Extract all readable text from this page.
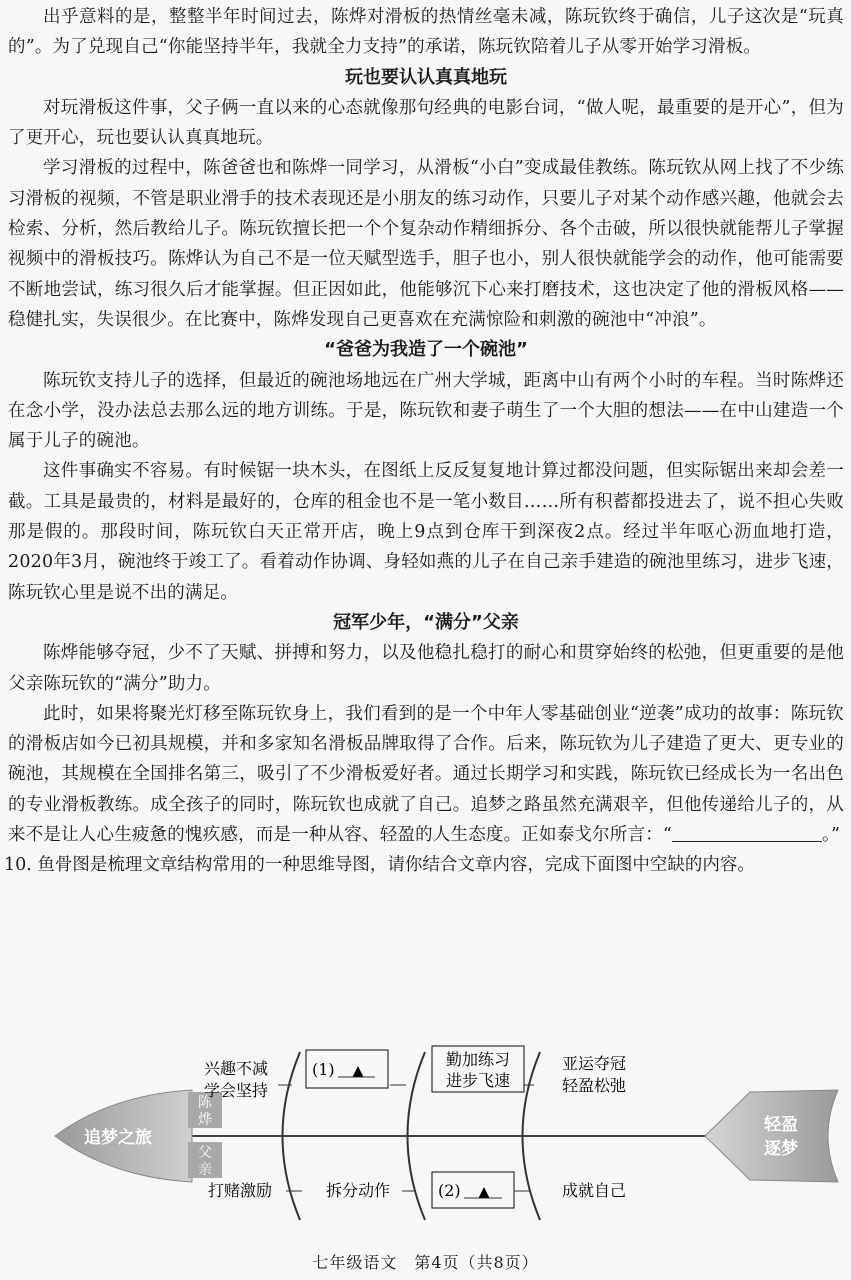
出乎意料的是，整整半年时间过去，陈烨对滑板的热情丝毫未减，陈玩钦终于确信，儿子这次是“玩真的”。为了兑现自己“你能坚持半年，我就全力支持”的承诺，陈玩钦陪着儿子从零开始学习滑板。

玩也要认认真真地玩

对玩滑板这件事，父子俩一直以来的心态就像那句经典的电影台词，“做人呢，最重要的是开心”，但为了更开心，玩也要认认真真地玩。

学习滑板的过程中，陈爸爸也和陈烨一同学习，从滑板“小白”变成最佳教练。陈玩钦从网上找了不少练习滑板的视频，不管是职业滑手的技术表现还是小朋友的练习动作，只要儿子对某个动作感兴趣，他就会去检索、分析，然后教给儿子。陈玩钦擅长把一个个复杂动作精细拆分、各个击破，所以很快就能帮儿子掌握视频中的滑板技巧。陈烨认为自己不是一位天赋型选手，胆子也小，别人很快就能学会的动作，他可能需要不断地尝试，练习很久后才能掌握。但正因如此，他能够沉下心来打磨技术，这也决定了他的滑板风格——稳健扎实，失误很少。在比赛中，陈烨发现自己更喜欢在充满惊险和刺激的碗池中“冲浪”。

“爸爸为我造了一个碗池”

陈玩钦支持儿子的选择，但最近的碗池场地远在广州大学城，距离中山有两个小时的车程。当时陈烨还在念小学，没办法总去那么远的地方训练。于是，陈玩钦和妻子萌生了一个大胆的想法——在中山建造一个属于儿子的碗池。

这件事确实不容易。有时候锯一块木头，在图纸上反反复复地计算过都没问题，但实际锯出来却会差一截。工具是最贵的，材料是最好的，仓库的租金也不是一笔小数目……所有积蓄都投进去了，说不担心失败那是假的。那段时间，陈玩钦白天正常开店，晚上9点到仓库干到深夜2点。经过半年呕心沥血地打造，2020年3月，碗池终于竣工了。看着动作协调、身轻如燕的儿子在自己亲手建造的碗池里练习，进步飞速，陈玩钦心里是说不出的满足。

冠军少年，“满分”父亲

陈烨能够夺冠，少不了天赋、拼搏和努力，以及他稳扎稳打的耐心和贯穿始终的松弛，但更重要的是他父亲陈玩钦的“满分”助力。

此时，如果将聚光灯移至陈玩钦身上，我们看到的是一个中年人零基础创业“逆袭”成功的故事：陈玩钦的滑板店如今已初具规模，并和多家知名滑板品牌取得了合作。后来，陈玩钦为儿子建造了更大、更专业的碗池，其规模在全国排名第三，吸引了不少滑板爱好者。通过长期学习和实践，陈玩钦已经成长为一名出色的专业滑板教练。成全孩子的同时，陈玩钦也成就了自己。追梦之路虽然充满艰辛，但他传递给儿子的，从来不是让人心生疲惫的愧疚感，而是一种从容、轻盈的人生态度。正如泰戈尔所言：“	。”

10. 鱼骨图是梳理文章结构常用的一种思维导图，请你结合文章内容，完成下面图中空缺的内容。

追梦之旅
轻盈
逐梦
陈
烨
父
亲
兴趣不减
学会坚持
(1) ▲
勤加练习
进步飞速
亚运夺冠
轻盈松弛
打赌激励	拆分动作	(2) ▲	成就自己
七年级语文　第4页（共8页）
